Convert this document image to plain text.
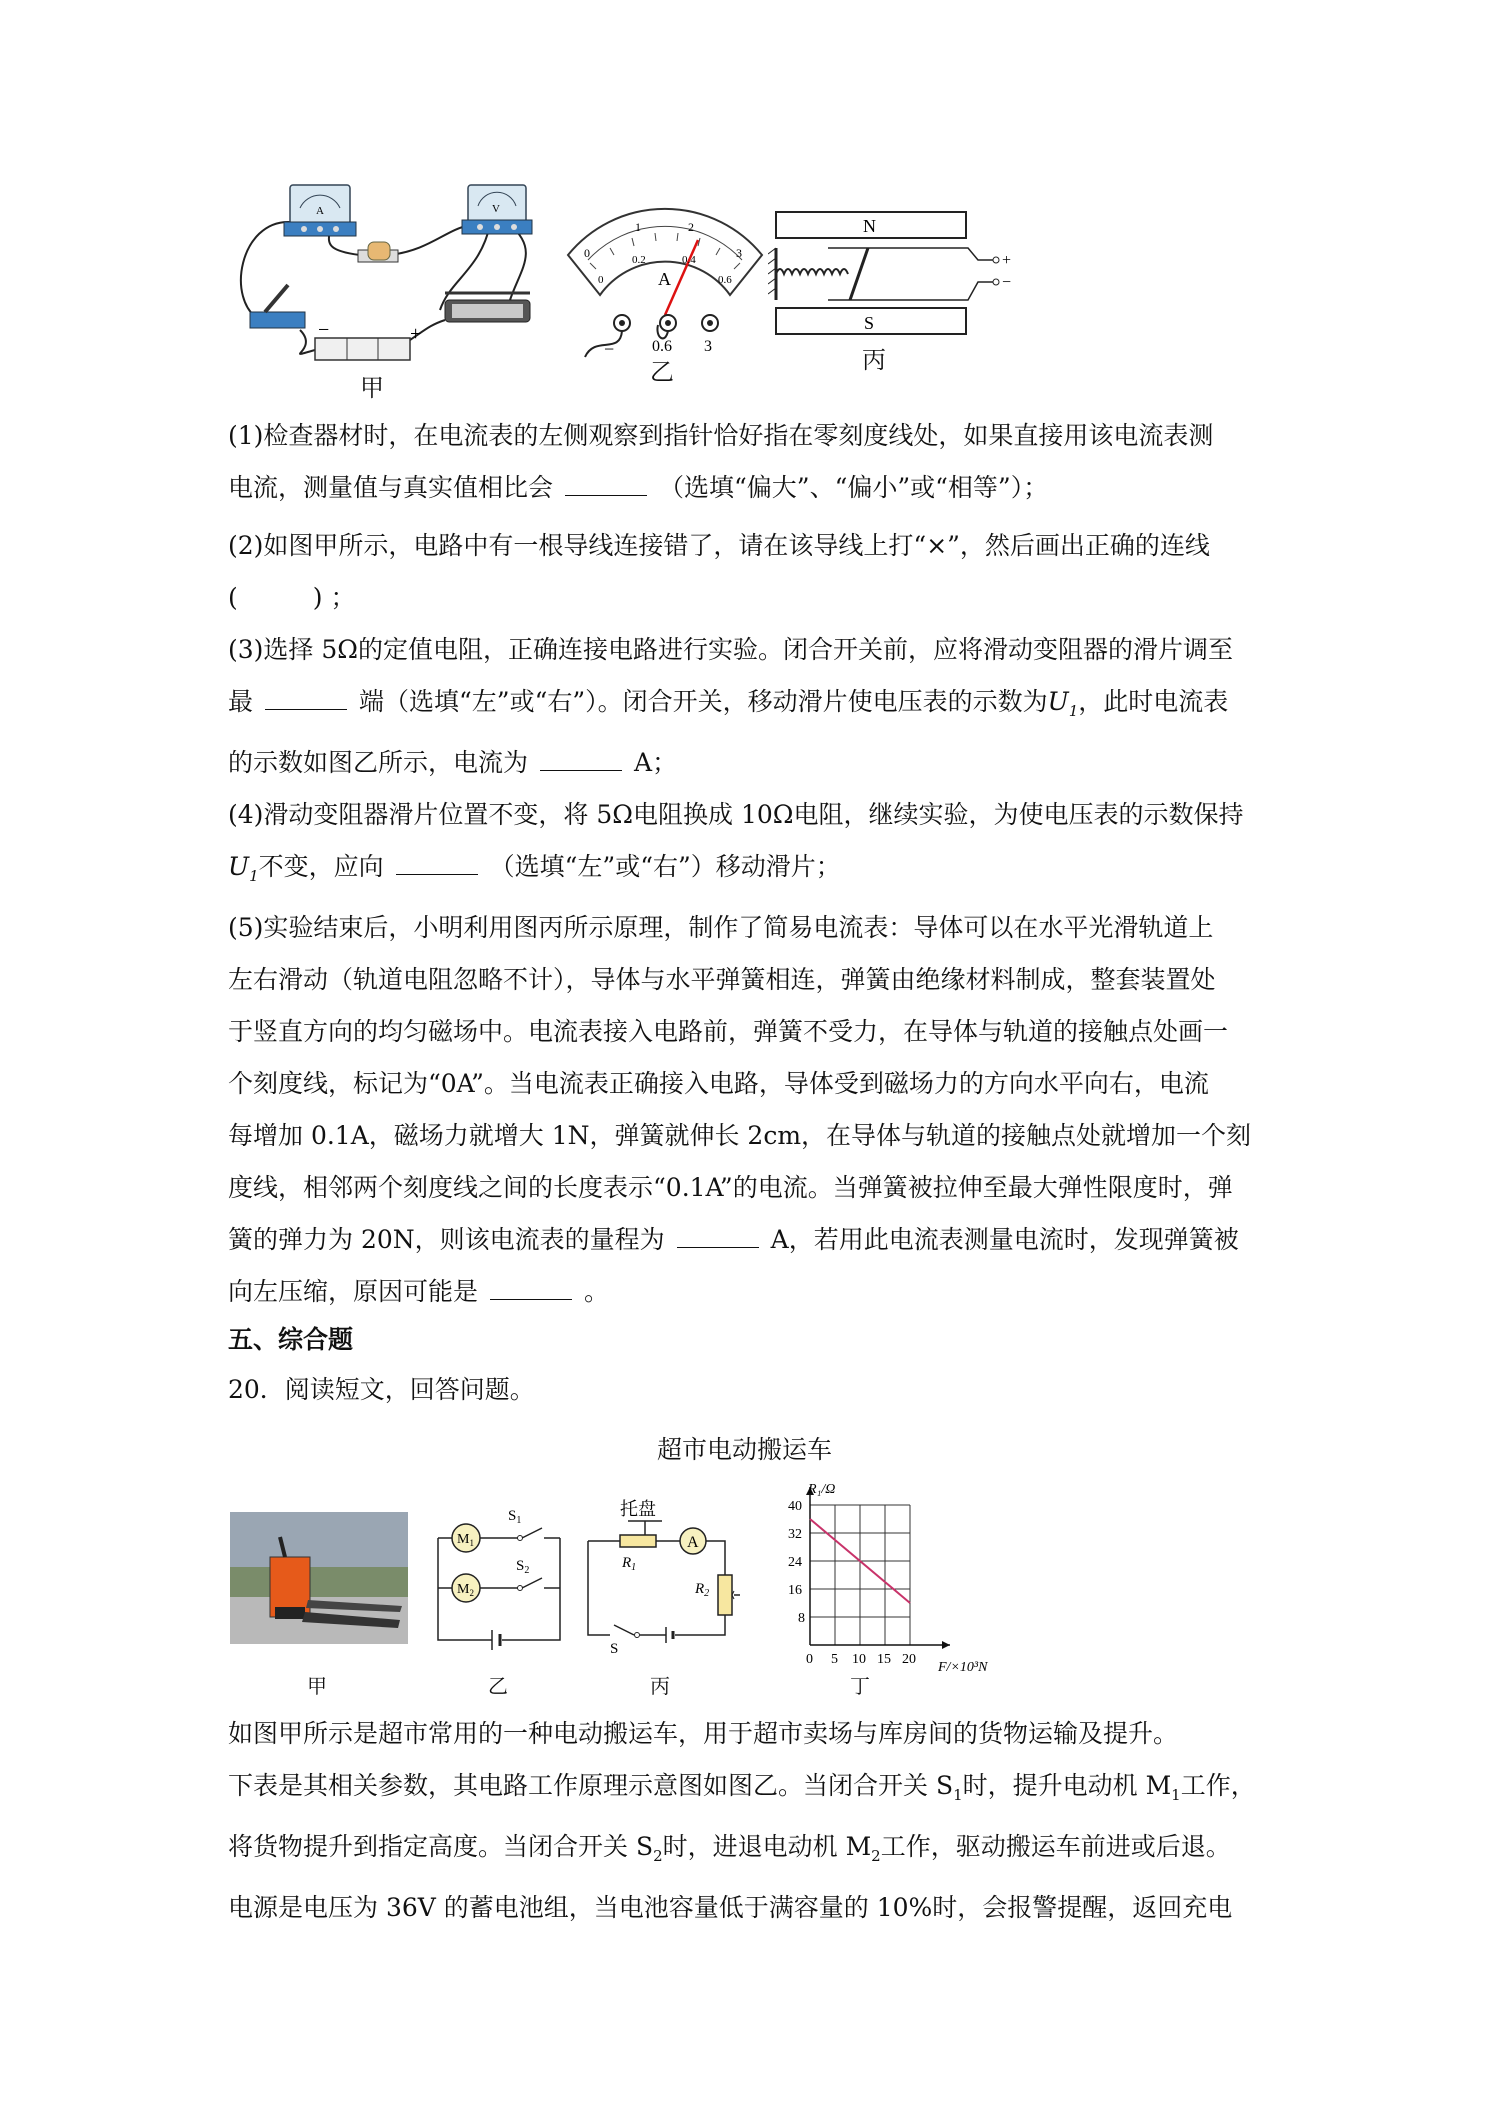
A	V
−	+
甲
0
1	2
3
0
0.2	0.4
0.6
A
− 0.6 3
乙
N
S
+
−
丙
(1)检查器材时，在电流表的左侧观察到指针恰好指在零刻度线处，如果直接用该电流表测
电流，测量值与真实值相比会	（选填“偏大”、“偏小”或“相等”）；
(2)如图甲所示，电路中有一根导线连接错了，请在该导线上打“×”，然后画出正确的连线
(　　　) ；
(3)选择 5Ω的定值电阻，正确连接电路进行实验。闭合开关前，应将滑动变阻器的滑片调至
最	端（选填“左”或“右”）。闭合开关，移动滑片使电压表的示数为$U_1$，此时电流表
的示数如图乙所示，电流为	A；
(4)滑动变阻器滑片位置不变，将 5Ω电阻换成 10Ω电阻，继续实验，为使电压表的示数保持
$U_1$不变，应向	（选填“左”或“右”）移动滑片；
(5)实验结束后，小明利用图丙所示原理，制作了简易电流表：导体可以在水平光滑轨道上
左右滑动（轨道电阻忽略不计），导体与水平弹簧相连，弹簧由绝缘材料制成，整套装置处
于竖直方向的均匀磁场中。电流表接入电路前，弹簧不受力，在导体与轨道的接触点处画一
个刻度线，标记为“0A”。当电流表正确接入电路，导体受到磁场力的方向水平向右，电流
每增加 0.1A，磁场力就增大 1N，弹簧就伸长 2cm，在导体与轨道的接触点处就增加一个刻
度线，相邻两个刻度线之间的长度表示“0.1A”的电流。当弹簧被拉伸至最大弹性限度时，弹
簧的弹力为 20N，则该电流表的量程为	A，若用此电流表测量电流时，发现弹簧被
向左压缩，原因可能是	。
五、综合题
20．阅读短文，回答问题。
超市电动搬运车
甲
$M_1$
$M_2$
$S_1$
$S_2$
乙
托盘
A
$R_1$
$R_2$
S
丙
0 5 10 15 20
8
16
24
32
40
R₁/Ω
F/×10³N
丁
如图甲所示是超市常用的一种电动搬运车，用于超市卖场与库房间的货物运输及提升。
下表是其相关参数，其电路工作原理示意图如图乙。当闭合开关 $S_1$时，提升电动机 $M_1$工作，
将货物提升到指定高度。当闭合开关 $S_2$时，进退电动机 $M_2$工作，驱动搬运车前进或后退。
电源是电压为 36V 的蓄电池组，当电池容量低于满容量的 10%时，会报警提醒，返回充电
